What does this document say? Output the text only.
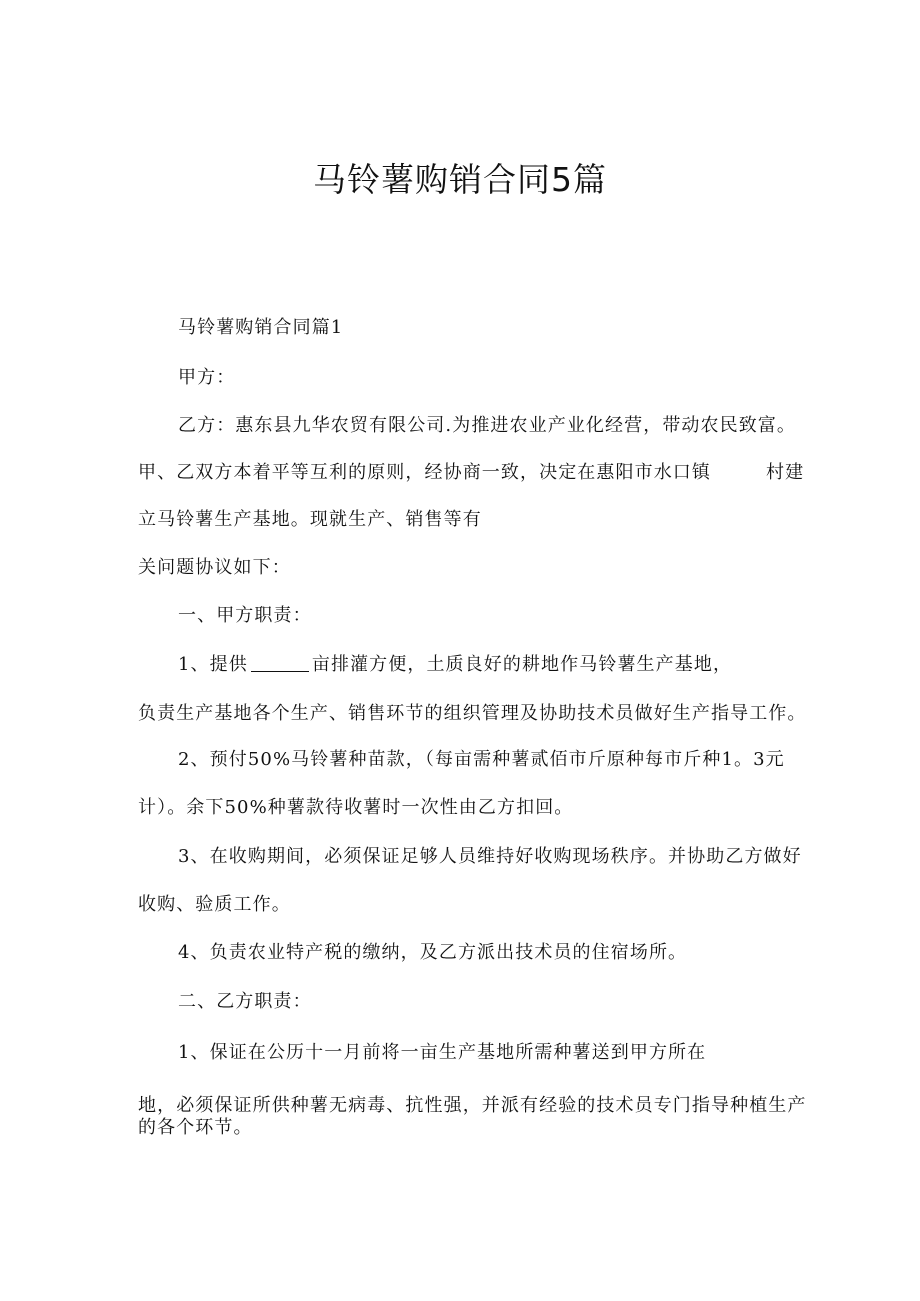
马铃薯购销合同5篇
马铃薯购销合同篇1
甲方：
乙方：惠东县九华农贸有限公司.为推进农业产业化经营，带动农民致富。
甲、乙双方本着平等互利的原则，经协商一致，决定在惠阳市水口镇	村建
立马铃薯生产基地。现就生产、销售等有
关问题协议如下：
一、甲方职责：
1、提供	亩排灌方便，土质良好的耕地作马铃薯生产基地，
负责生产基地各个生产、销售环节的组织管理及协助技术员做好生产指导工作。
2、预付50%马铃薯种苗款，（每亩需种薯贰佰市斤原种每市斤种1。3元
计）。余下50%种薯款待收薯时一次性由乙方扣回。
3、在收购期间，必须保证足够人员维持好收购现场秩序。并协助乙方做好
收购、验质工作。
4、负责农业特产税的缴纳，及乙方派出技术员的住宿场所。
二、乙方职责：
1、保证在公历十一月前将一亩生产基地所需种薯送到甲方所在
地，必须保证所供种薯无病毒、抗性强，并派有经验的技术员专门指导种植生产
的各个环节。
